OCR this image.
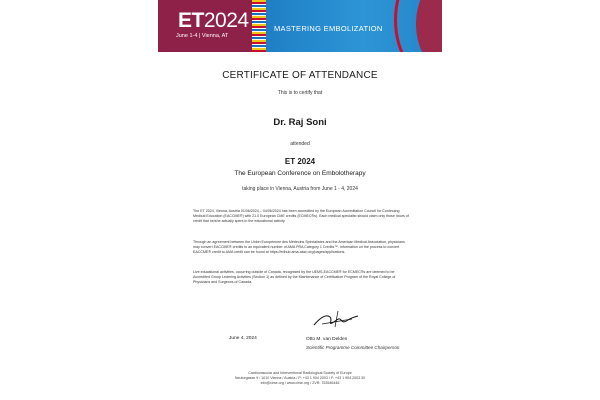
ET2024
June 1-4 | Vienna, AT
MASTERING EMBOLIZATION
CERTIFICATE OF ATTENDANCE
This is to certify that
Dr. Raj Soni
attended
ET 2024
The European Conference on Embolotherapy
taking place in Vienna, Austria from June 1 - 4, 2024
The ET 2024, Vienna, Austria 01/06/2024 – 04/06/2024 has been accredited by the European Accreditation Council for Continuing Medical Education (EACCME®) with 21.0 European CME credits (ECMEC®s). Each medical specialist should claim only those hours of credit that he/she actually spent in the educational activity.
Through an agreement between the Union Européenne des Médecins Spécialistes and the American Medical Association, physicians may convert EACCME® credits to an equivalent number of AMA PRA Category 1 Credits™. Information on the process to convert EACCME® credit to AMA credit can be found at https://edhub.ama-assn.org/pages/applications.
Live educational activities, occurring outside of Canada, recognised by the UEMS-EACCME® for ECMEC®s are deemed to be Accredited Group Learning Activities (Section 1) as defined by the Maintenance of Certification Program of the Royal College of Physicians and Surgeons of Canada.
June 4, 2024	Otto M. van Delden
Scientific Programme Committee Chairperson
Cardiovascular and Interventional Radiological Society of Europe
Neutorgasse 9 / 1010 Vienna / Austria / P: +43 1 904 2003 / F: +43 1 904 2003 30
info@cirse.org / www.cirse.org / ZVR: 753546446
